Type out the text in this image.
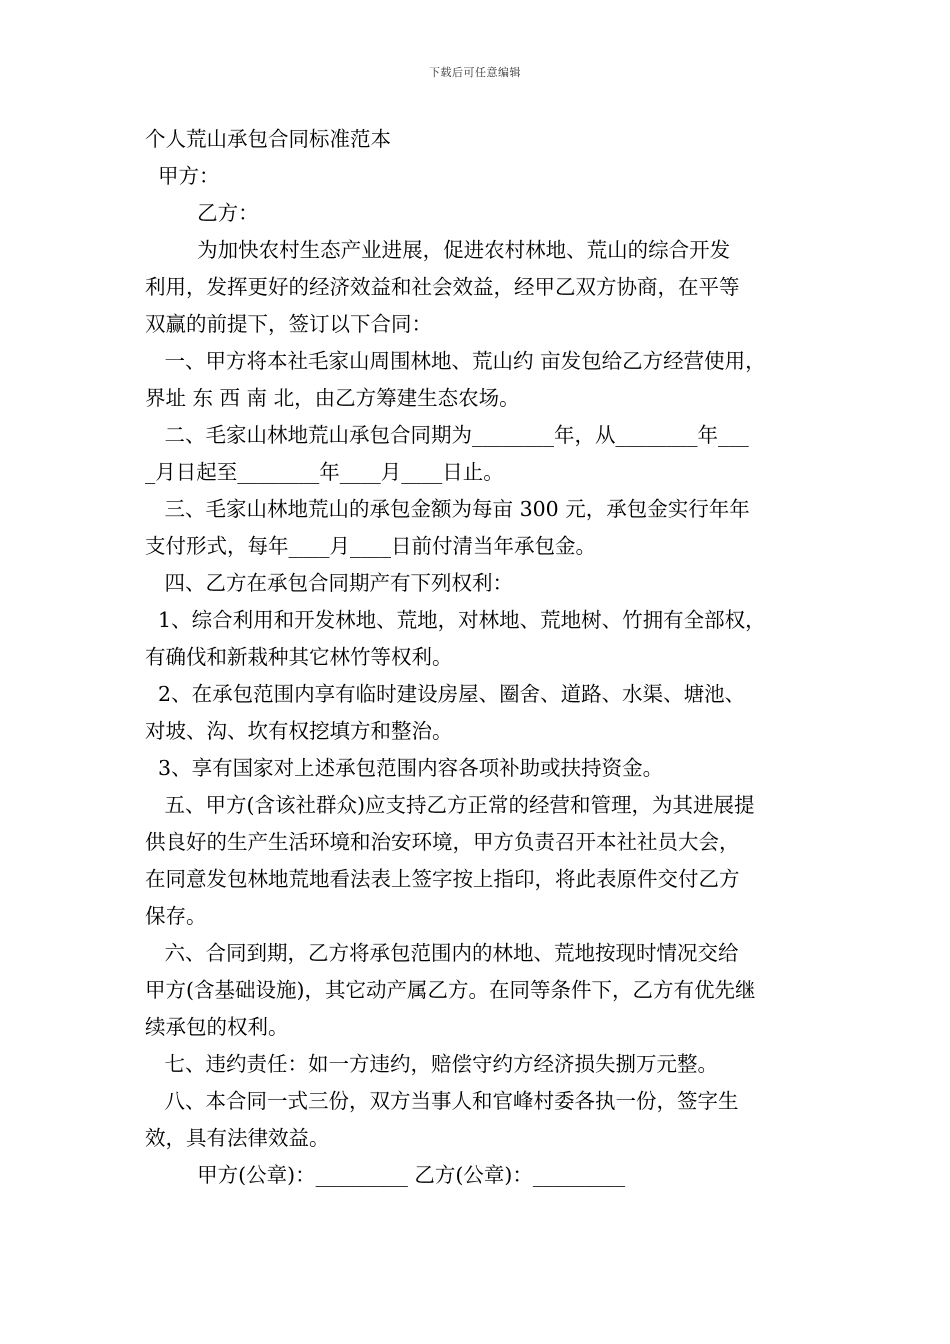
下载后可任意编辑
个人荒山承包合同标准范本
甲方：
乙方：
为加快农村生态产业进展，促进农村林地、荒山的综合开发
利用，发挥更好的经济效益和社会效益，经甲乙双方协商，在平等
双赢的前提下，签订以下合同：
一、甲方将本社毛家山周围林地、荒山约 亩发包给乙方经营使用，
界址 东 西 南 北，由乙方筹建生态农场。
二、毛家山林地荒山承包合同期为________年，从________年___
_月日起至________年____月____日止。
三、毛家山林地荒山的承包金额为每亩 300 元，承包金实行年年
支付形式，每年____月____日前付清当年承包金。
四、乙方在承包合同期产有下列权利：
1、综合利用和开发林地、荒地，对林地、荒地树、竹拥有全部权，
有确伐和新栽种其它林竹等权利。
2、在承包范围内享有临时建设房屋、圈舍、道路、水渠、塘池、
对坡、沟、坎有权挖填方和整治。
3、享有国家对上述承包范围内容各项补助或扶持资金。
五、甲方(含该社群众)应支持乙方正常的经营和管理，为其进展提
供良好的生产生活环境和治安环境，甲方负责召开本社社员大会，
在同意发包林地荒地看法表上签字按上指印，将此表原件交付乙方
保存。
六、合同到期，乙方将承包范围内的林地、荒地按现时情况交给
甲方(含基础设施)，其它动产属乙方。在同等条件下，乙方有优先继
续承包的权利。
七、违约责任：如一方违约，赔偿守约方经济损失捌万元整。
八、本合同一式三份，双方当事人和官峰村委各执一份，签字生
效，具有法律效益。
甲方(公章)：_________ 乙方(公章)：_________
